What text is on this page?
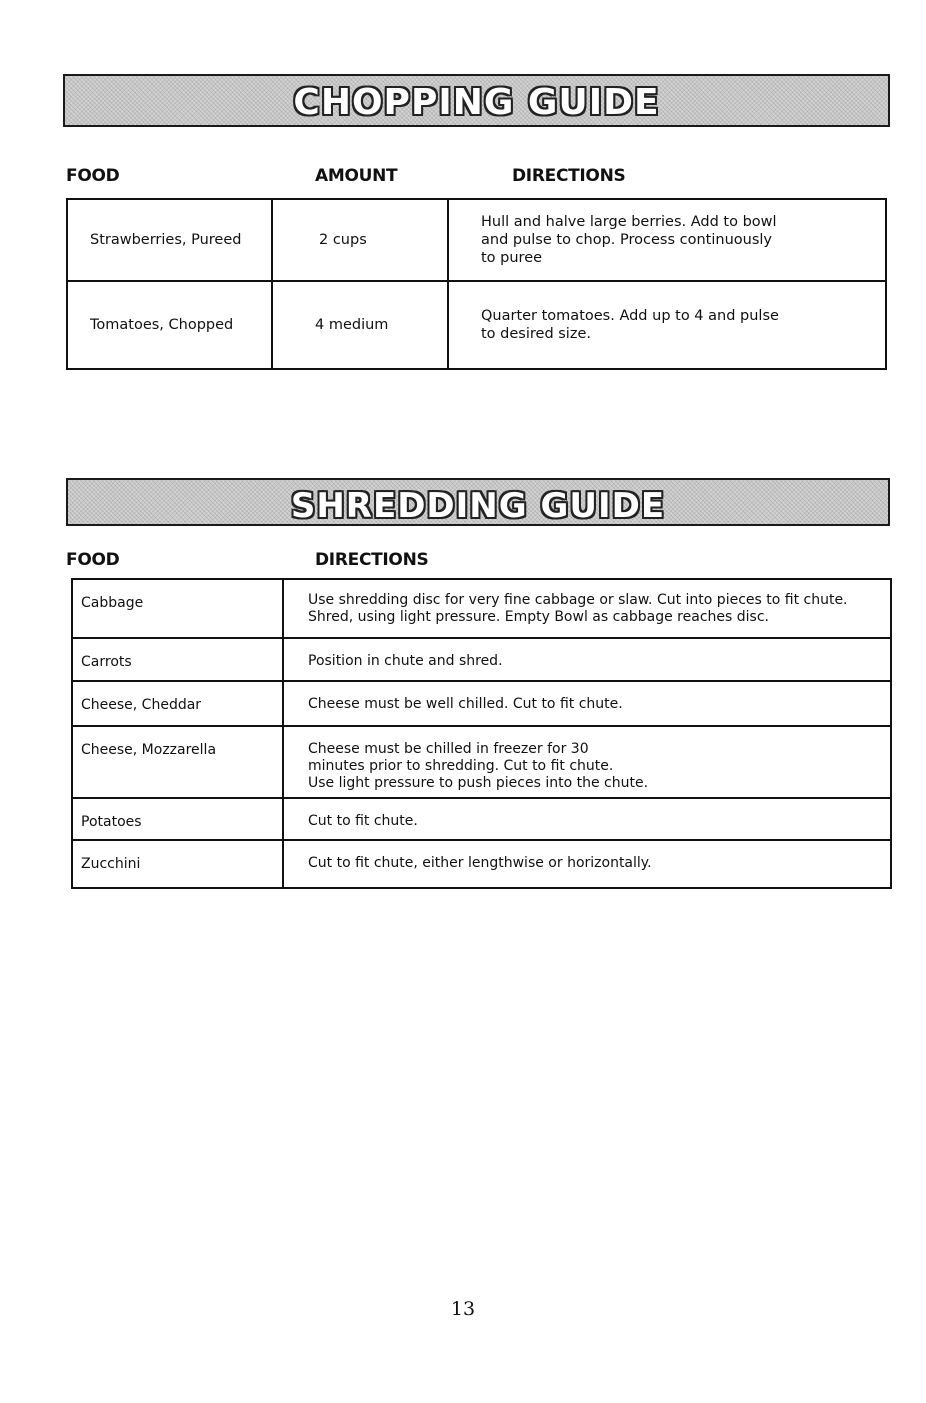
CHOPPING GUIDE
FOOD	AMOUNT	DIRECTIONS
Strawberries, Pureed	2 cups	Hull and halve large berries. Add to bowl
and pulse to chop. Process continuously
to puree

Tomatoes, Chopped	4 medium	Quarter tomatoes. Add up to 4 and pulse
to desired size.
SHREDDING GUIDE
FOOD	DIRECTIONS
Cabbage	Use shredding disc for very fine cabbage or slaw. Cut into pieces to fit chute.
Shred, using light pressure. Empty Bowl as cabbage reaches disc.

Carrots	Position in chute and shred.

Cheese, Cheddar	Cheese must be well chilled. Cut to fit chute.

Cheese, Mozzarella	Cheese must be chilled in freezer for 30
minutes prior to shredding. Cut to fit chute.
Use light pressure to push pieces into the chute.

Potatoes	Cut to fit chute.

Zucchini	Cut to fit chute, either lengthwise or horizontally.
13
